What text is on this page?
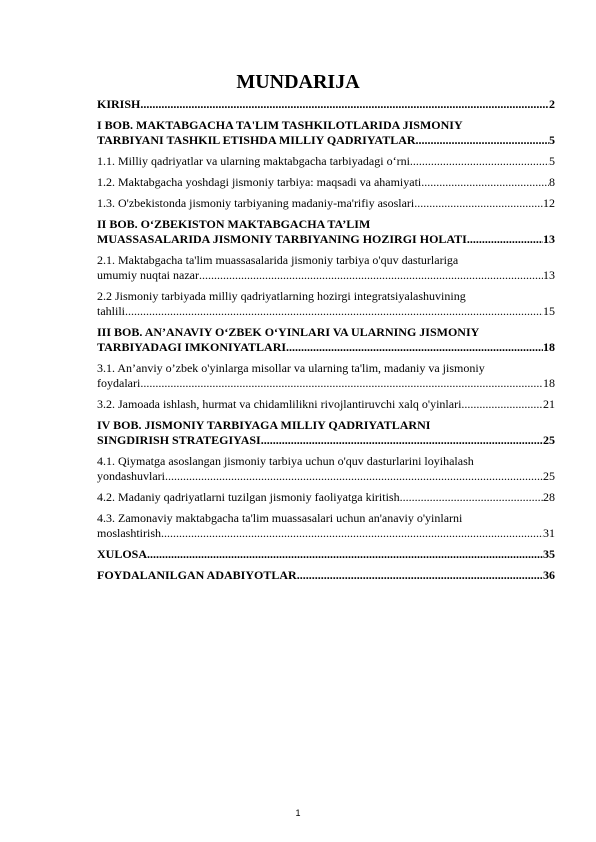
MUNDARIJA
KIRISH .....	2
I BOB. MAKTABGACHA TA'LIM TASHKILOTLARIDA JISMONIY
TARBIYANI TASHKIL ETISHDA MILLIY QADRIYATLAR .....	5
1.1. Milliy qadriyatlar va ularning maktabgacha tarbiyadagi o‘rni .....	5
1.2. Maktabgacha yoshdagi jismoniy tarbiya: maqsadi va ahamiyati .....	8
1.3. O'zbekistonda jismoniy tarbiyaning madaniy-ma'rifiy asoslari .....	12
II BOB. O‘ZBEKISTON MAKTABGACHA TA’LIM
MUASSASALARIDA JISMONIY TARBIYANING HOZIRGI HOLATI. .....	13
2.1. Maktabgacha ta'lim muassasalarida jismoniy tarbiya o'quv dasturlariga
umumiy nuqtai nazar .....	13
2.2 Jismoniy tarbiyada milliy qadriyatlarning hozirgi integratsiyalashuvining
tahlili .....	15
III BOB. AN’ANAVIY O‘ZBEK O‘YINLARI VA ULARNING JISMONIY
TARBIYADAGI IMKONIYATLARI .....	18
3.1. An’anviy o’zbek o'yinlarga misollar va ularning ta'lim, madaniy va jismoniy
foydalari .....	18
3.2. Jamoada ishlash, hurmat va chidamlilikni rivojlantiruvchi xalq o'yinlari .....	21
IV BOB. JISMONIY TARBIYAGA MILLIY QADRIYATLARNI
SINGDIRISH STRATEGIYASI .....	25
4.1. Qiymatga asoslangan jismoniy tarbiya uchun o'quv dasturlarini loyihalash
yondashuvlari .....	25
4.2. Madaniy qadriyatlarni tuzilgan jismoniy faoliyatga kiritish .....	28
4.3. Zamonaviy maktabgacha ta'lim muassasalari uchun an'anaviy o'yinlarni
moslashtirish .....	31
XULOSA .....	35
FOYDALANILGAN ADABIYOTLAR .....	36
1
